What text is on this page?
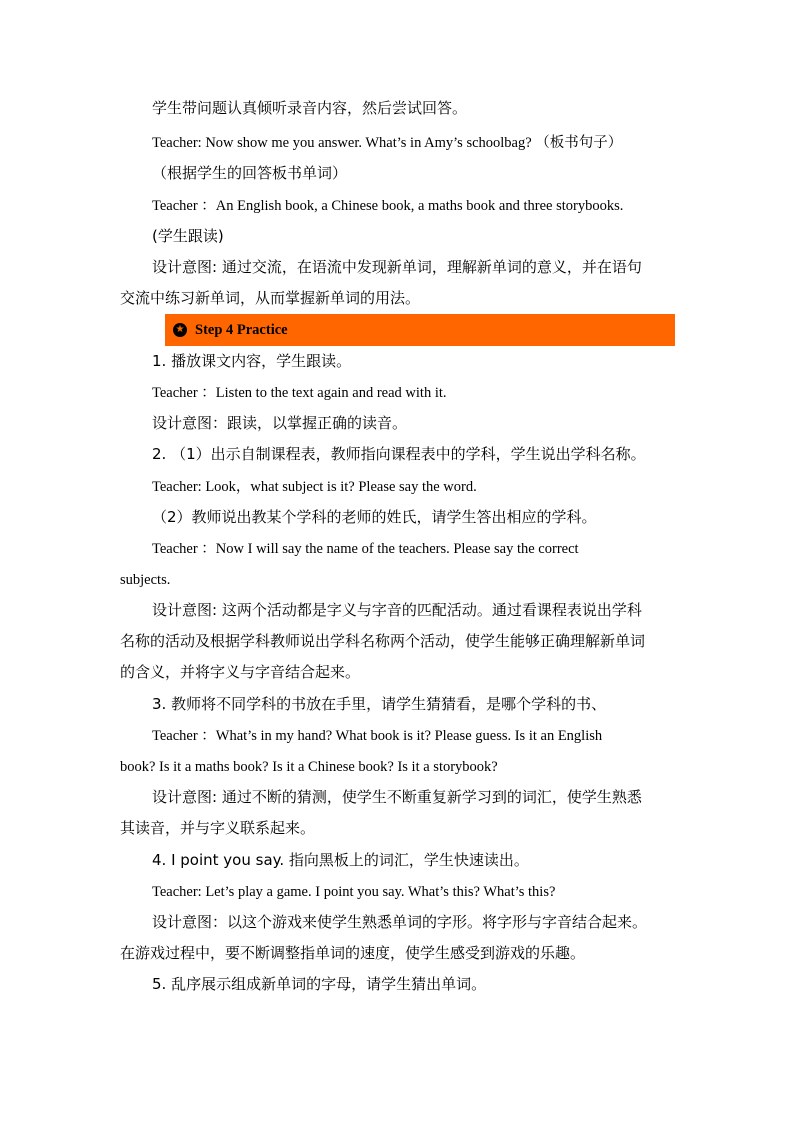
学生带问题认真倾听录音内容，然后尝试回答。
Teacher: Now show me you answer. What’s in Amy’s schoolbag? （板书句子）
（根据学生的回答板书单词）
Teacher ：An English book, a Chinese book, a maths book and three storybooks.
(学生跟读)
设计意图: 通过交流，在语流中发现新单词，理解新单词的意义，并在语句
交流中练习新单词，从而掌握新单词的用法。
★ Step 4 Practice
1. 播放课文内容，学生跟读。
Teacher ：Listen to the text again and read with it.
设计意图：跟读，以掌握正确的读音。
2. （1）出示自制课程表，教师指向课程表中的学科，学生说出学科名称。
Teacher: Look，what subject is it? Please say the word.
（2）教师说出教某个学科的老师的姓氏，请学生答出相应的学科。
Teacher ：Now I will say the name of the teachers. Please say the correct
subjects.
设计意图: 这两个活动都是字义与字音的匹配活动。通过看课程表说出学科
名称的活动及根据学科教师说出学科名称两个活动，使学生能够正确理解新单词
的含义，并将字义与字音结合起来。
3. 教师将不同学科的书放在手里，请学生猜猜看，是哪个学科的书、
Teacher ：What’s in my hand? What book is it? Please guess. Is it an English
book? Is it a maths book? Is it a Chinese book? Is it a storybook?
设计意图: 通过不断的猜测，使学生不断重复新学习到的词汇，使学生熟悉
其读音，并与字义联系起来。
4. I point you say. 指向黑板上的词汇，学生快速读出。
Teacher: Let’s play a game. I point you say. What’s this? What’s this?
设计意图：以这个游戏来使学生熟悉单词的字形。将字形与字音结合起来。
在游戏过程中，要不断调整指单词的速度，使学生感受到游戏的乐趣。
5. 乱序展示组成新单词的字母，请学生猜出单词。
